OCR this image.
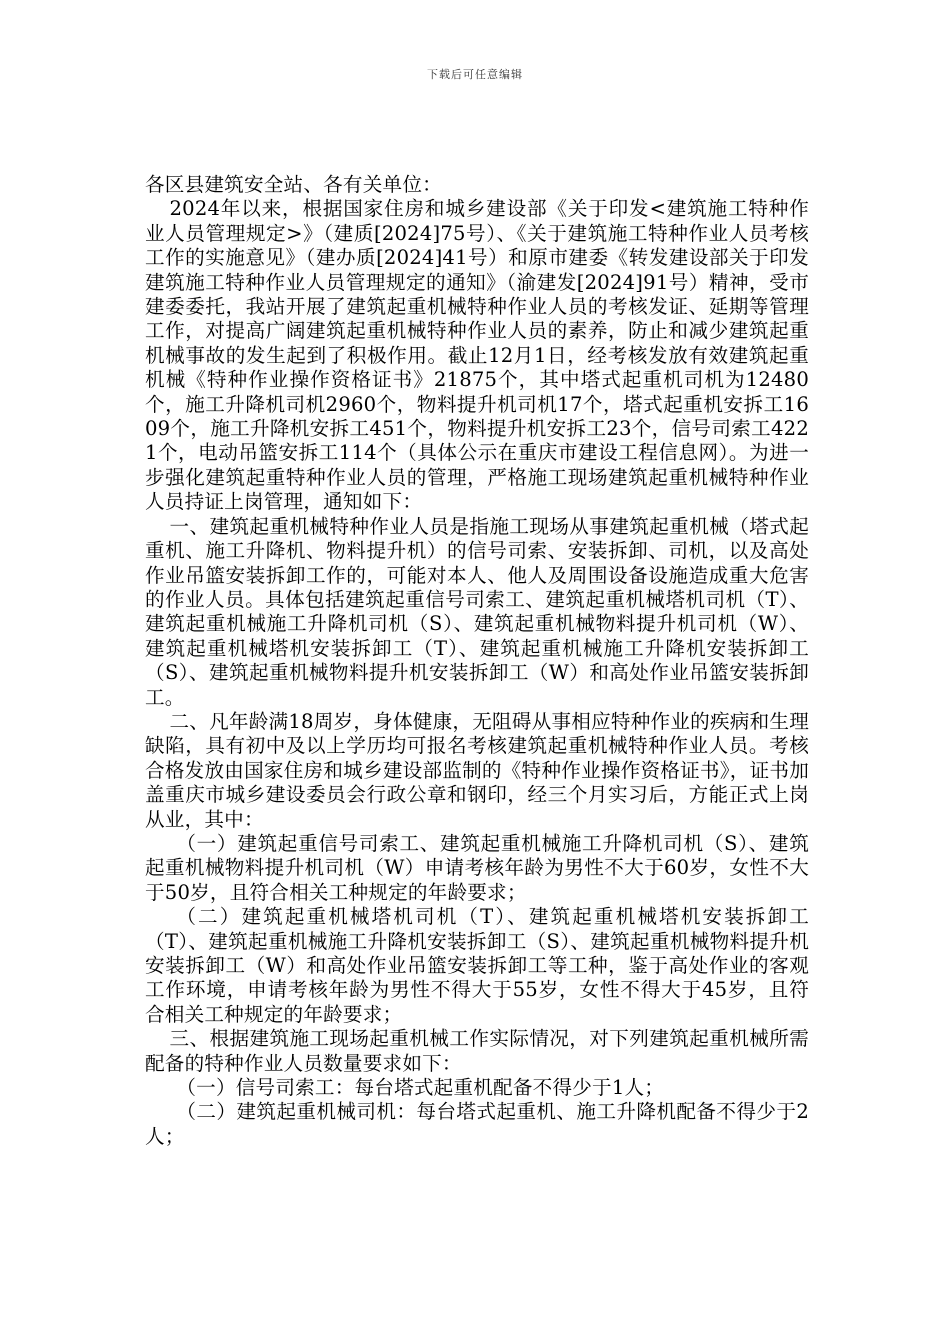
下载后可任意编辑

各区县建筑安全站、各有关单位：

2024年以来，根据国家住房和城乡建设部《关于印发<建筑施工特种作业人员管理规定>》（建质[2024]75号）、《关于建筑施工特种作业人员考核工作的实施意见》（建办质[2024]41号）和原市建委《转发建设部关于印发建筑施工特种作业人员管理规定的通知》（渝建发[2024]91号）精神，受市建委委托，我站开展了建筑起重机械特种作业人员的考核发证、延期等管理工作，对提高广阔建筑起重机械特种作业人员的素养，防止和减少建筑起重机械事故的发生起到了积极作用。截止12月1日，经考核发放有效建筑起重机械《特种作业操作资格证书》21875个，其中塔式起重机司机为12480个，施工升降机司机2960个，物料提升机司机17个，塔式起重机安拆工1609个，施工升降机安拆工451个，物料提升机安拆工23个，信号司索工4221个，电动吊篮安拆工114个（具体公示在重庆市建设工程信息网）。为进一步强化建筑起重特种作业人员的管理，严格施工现场建筑起重机械特种作业人员持证上岗管理，通知如下：

一、建筑起重机械特种作业人员是指施工现场从事建筑起重机械（塔式起重机、施工升降机、物料提升机）的信号司索、安装拆卸、司机，以及高处作业吊篮安装拆卸工作的，可能对本人、他人及周围设备设施造成重大危害的作业人员。具体包括建筑起重信号司索工、建筑起重机械塔机司机（T）、建筑起重机械施工升降机司机（S）、建筑起重机械物料提升机司机（W）、建筑起重机械塔机安装拆卸工（T）、建筑起重机械施工升降机安装拆卸工（S）、建筑起重机械物料提升机安装拆卸工（W）和高处作业吊篮安装拆卸工。

二、凡年龄满18周岁，身体健康，无阻碍从事相应特种作业的疾病和生理缺陷，具有初中及以上学历均可报名考核建筑起重机械特种作业人员。考核合格发放由国家住房和城乡建设部监制的《特种作业操作资格证书》，证书加盖重庆市城乡建设委员会行政公章和钢印，经三个月实习后，方能正式上岗从业，其中：

（一）建筑起重信号司索工、建筑起重机械施工升降机司机（S）、建筑起重机械物料提升机司机（W）申请考核年龄为男性不大于60岁，女性不大于50岁，且符合相关工种规定的年龄要求；

（二）建筑起重机械塔机司机（T）、建筑起重机械塔机安装拆卸工（T）、建筑起重机械施工升降机安装拆卸工（S）、建筑起重机械物料提升机安装拆卸工（W）和高处作业吊篮安装拆卸工等工种，鉴于高处作业的客观工作环境，申请考核年龄为男性不得大于55岁，女性不得大于45岁，且符合相关工种规定的年龄要求；

三、根据建筑施工现场起重机械工作实际情况，对下列建筑起重机械所需配备的特种作业人员数量要求如下：

（一）信号司索工：每台塔式起重机配备不得少于1人；

（二）建筑起重机械司机：每台塔式起重机、施工升降机配备不得少于2人；
